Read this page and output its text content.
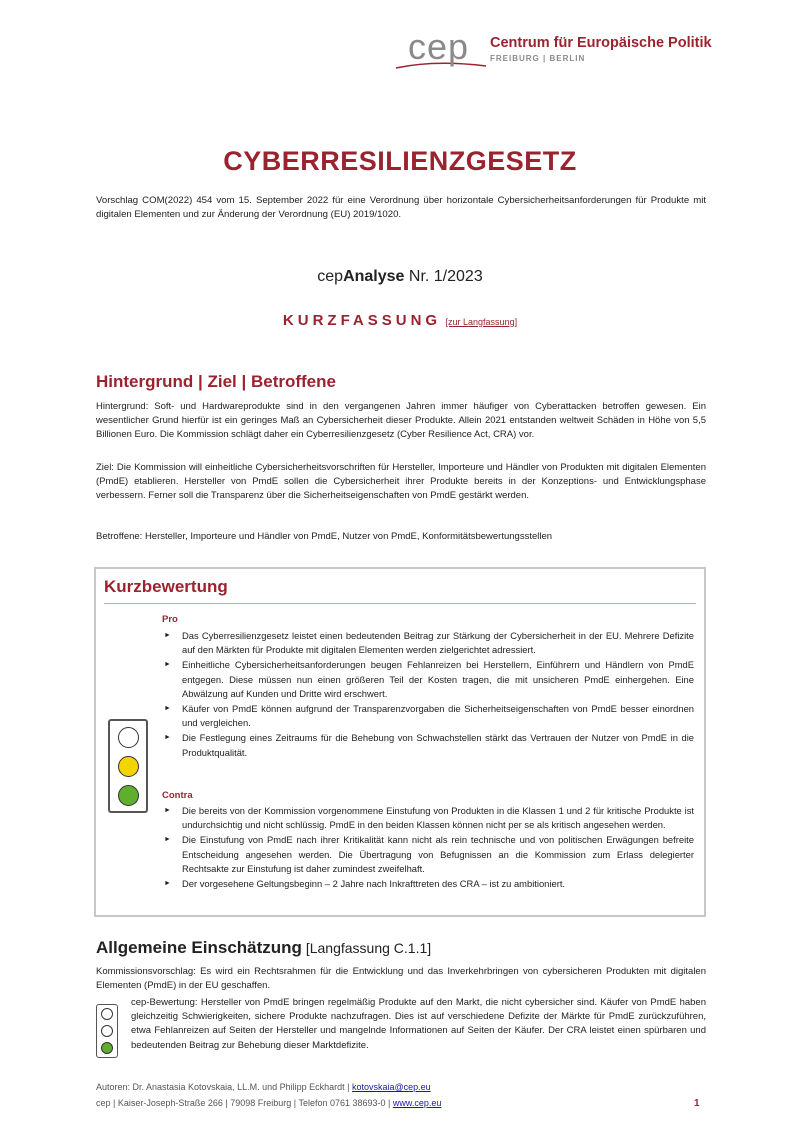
cep Centrum für Europäische Politik
FREIBURG | BERLIN
CYBERRESILIENZGESETZ
Vorschlag COM(2022) 454 vom 15. September 2022 für eine Verordnung über horizontale Cybersicherheitsanforderungen für Produkte mit digitalen Elementen und zur Änderung der Verordnung (EU) 2019/1020.
cepAnalyse Nr. 1/2023
KURZFASSUNG [zur Langfassung]
Hintergrund | Ziel | Betroffene
Hintergrund: Soft- und Hardwareprodukte sind in den vergangenen Jahren immer häufiger von Cyberattacken betroffen gewesen. Ein wesentlicher Grund hierfür ist ein geringes Maß an Cybersicherheit dieser Produkte. Allein 2021 entstanden weltweit Schäden in Höhe von 5,5 Billionen Euro. Die Kommission schlägt daher ein Cyberresilienzgesetz (Cyber Resilience Act, CRA) vor.
Ziel: Die Kommission will einheitliche Cybersicherheitsvorschriften für Hersteller, Importeure und Händler von Produkten mit digitalen Elementen (PmdE) etablieren. Hersteller von PmdE sollen die Cybersicherheit ihrer Produkte bereits in der Konzeptions- und Entwicklungsphase verbessern. Ferner soll die Transparenz über die Sicherheitseigenschaften von PmdE gestärkt werden.
Betroffene: Hersteller, Importeure und Händler von PmdE, Nutzer von PmdE, Konformitätsbewertungsstellen
Kurzbewertung
Pro
► Das Cyberresilienzgesetz leistet einen bedeutenden Beitrag zur Stärkung der Cybersicherheit in der EU. Mehrere Defizite auf den Märkten für Produkte mit digitalen Elementen werden zielgerichtet adressiert.
► Einheitliche Cybersicherheitsanforderungen beugen Fehlanreizen bei Herstellern, Einführern und Händlern von PmdE entgegen. Diese müssen nun einen größeren Teil der Kosten tragen, die mit unsicheren PmdE einhergehen. Eine Abwälzung auf Kunden und Dritte wird erschwert.
► Käufer von PmdE können aufgrund der Transparenzvorgaben die Sicherheitseigenschaften von PmdE besser einordnen und vergleichen.
► Die Festlegung eines Zeitraums für die Behebung von Schwachstellen stärkt das Vertrauen der Nutzer von PmdE in die Produktqualität.
Contra
► Die bereits von der Kommission vorgenommene Einstufung von Produkten in die Klassen 1 und 2 für kritische Produkte ist undurchsichtig und nicht schlüssig. PmdE in den beiden Klassen können nicht per se als kritisch angesehen werden.
► Die Einstufung von PmdE nach ihrer Kritikalität kann nicht als rein technische und von politischen Erwägungen befreite Entscheidung angesehen werden. Die Übertragung von Befugnissen an die Kommission zum Erlass delegierter Rechtsakte zur Einstufung ist daher zumindest zweifelhaft.
► Der vorgesehene Geltungsbeginn – 2 Jahre nach Inkrafttreten des CRA – ist zu ambitioniert.
Allgemeine Einschätzung [Langfassung C.1.1]
Kommissionsvorschlag: Es wird ein Rechtsrahmen für die Entwicklung und das Inverkehrbringen von cybersicheren Produkten mit digitalen Elementen (PmdE) in der EU geschaffen.
cep-Bewertung: Hersteller von PmdE bringen regelmäßig Produkte auf den Markt, die nicht cybersicher sind. Käufer von PmdE haben gleichzeitig Schwierigkeiten, sichere Produkte nachzufragen. Dies ist auf verschiedene Defizite der Märkte für PmdE zurückzuführen, etwa Fehlanreizen auf Seiten der Hersteller und mangelnde Informationen auf Seiten der Käufer. Der CRA leistet einen spürbaren und bedeutenden Beitrag zur Behebung dieser Marktdefizite.
Autoren: Dr. Anastasia Kotovskaia, LL.M. und Philipp Eckhardt | kotovskaia@cep.eu
cep | Kaiser-Joseph-Straße 266 | 79098 Freiburg | Telefon 0761 38693-0 | www.cep.eu	1
